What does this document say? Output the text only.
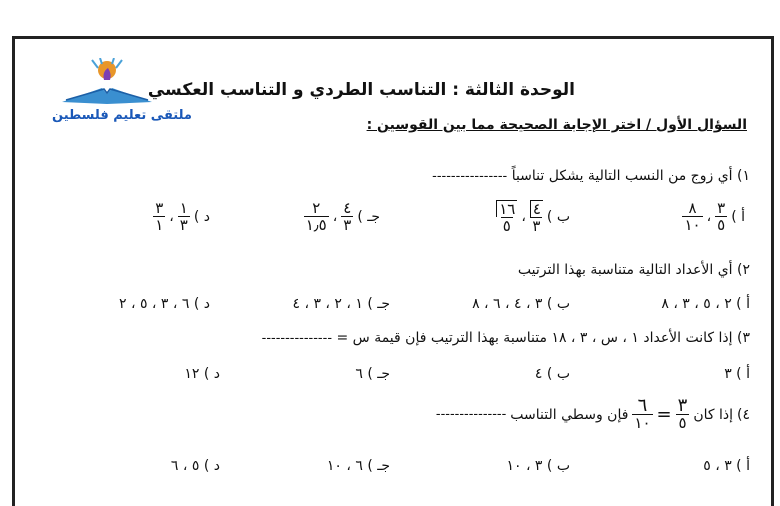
ملتقى تعليم فلسطين
الوحدة الثالثة : التناسب الطردي و التناسب العكسي
السؤال الأول / اختر الإجابة الصحيحة مما بين القوسين :
١) أي زوج من النسب التالية يشكل تناسباً ----------------
أ )
$\frac{٣}{٥}$
،
$\frac{٨}{١٠}$
ب )
$\frac{٤}{٣}$
،
$\frac{١٦}{٥}$
جـ )
$\frac{٤}{٣}$
،
$\frac{٢}{١٫٥}$
د )
$\frac{١}{٣}$
،
$\frac{٣}{١}$
٢) أي الأعداد التالية متناسبة بهذا الترتيب
أ ) ٢ ، ٥ ، ٣ ، ٨
ب ) ٣ ، ٤ ، ٦ ، ٨
جـ ) ١ ، ٢ ، ٣ ، ٤
د ) ٦ ، ٣ ، ٥ ، ٢
٣) إذا كانت الأعداد ١ ، س ، ٣ ، ١٨ متناسبة بهذا الترتيب فإن قيمة س = ---------------
أ ) ٣
ب ) ٤
جـ ) ٦
د ) ١٢
٤)
إذا كان
$\frac{٣}{٥}$
=
$\frac{٦}{١٠}$
فإن وسطي التناسب
---------------
أ ) ٣ ، ٥
ب ) ٣ ، ١٠
جـ ) ٦ ، ١٠
د ) ٥ ، ٦
